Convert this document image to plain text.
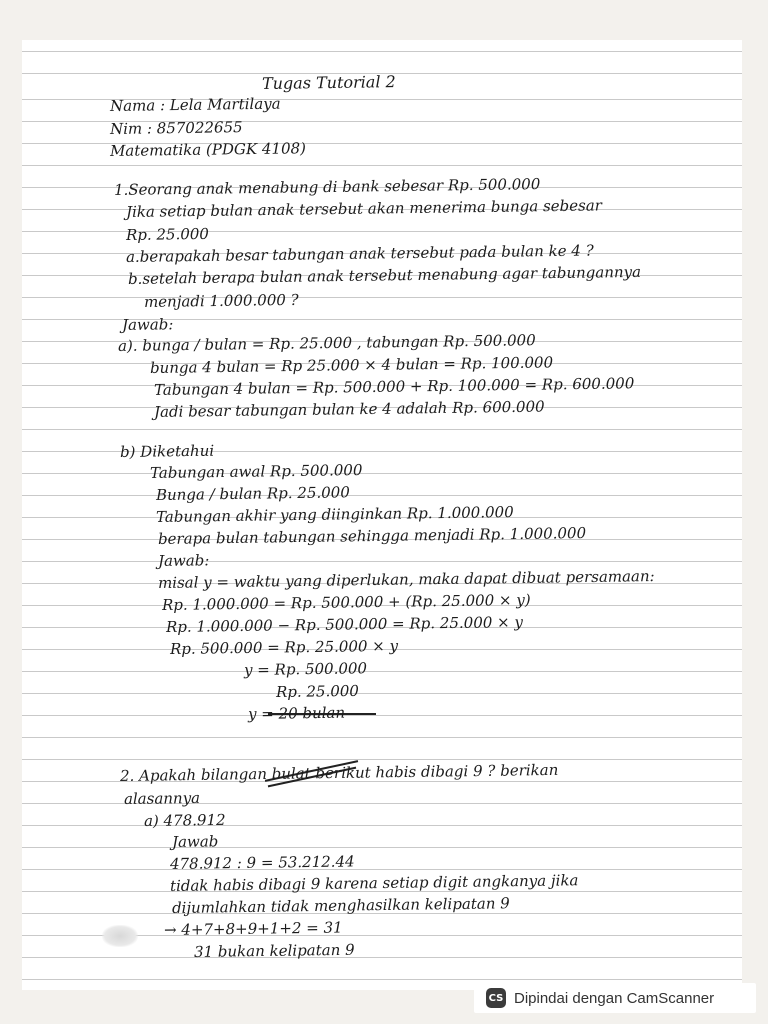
Tugas Tutorial 2
Nama : Lela Martilaya
Nim : 857022655
Matematika (PDGK 4108)
1.Seorang anak menabung di bank sebesar Rp. 500.000
Jika setiap bulan anak tersebut akan menerima bunga sebesar
Rp. 25.000
a.berapakah besar tabungan anak tersebut pada bulan ke 4 ?
b.setelah berapa bulan anak tersebut menabung agar tabungannya
menjadi 1.000.000 ?
Jawab:
a). bunga / bulan = Rp. 25.000 , tabungan Rp. 500.000
bunga 4 bulan = Rp 25.000 × 4 bulan = Rp. 100.000
Tabungan 4 bulan = Rp. 500.000 + Rp. 100.000 = Rp. 600.000
Jadi besar tabungan bulan ke 4 adalah Rp. 600.000
b) Diketahui
Tabungan awal Rp. 500.000
Bunga / bulan Rp. 25.000
Tabungan akhir yang diinginkan Rp. 1.000.000
berapa bulan tabungan sehingga menjadi Rp. 1.000.000
Jawab:
misal y = waktu yang diperlukan, maka dapat dibuat persamaan:
Rp. 1.000.000 = Rp. 500.000 + (Rp. 25.000 × y)
Rp. 1.000.000 − Rp. 500.000 = Rp. 25.000 × y
Rp. 500.000 = Rp. 25.000 × y
y = Rp. 500.000
Rp. 25.000
y = 20 bulan
2. Apakah bilangan bulat berikut habis dibagi 9 ? berikan
alasannya
a) 478.912
Jawab
478.912 : 9 = 53.212.44
tidak habis dibagi 9 karena setiap digit angkanya jika
dijumlahkan tidak menghasilkan kelipatan 9
→ 4+7+8+9+1+2 = 31
31 bukan kelipatan 9
CS Dipindai dengan CamScanner
